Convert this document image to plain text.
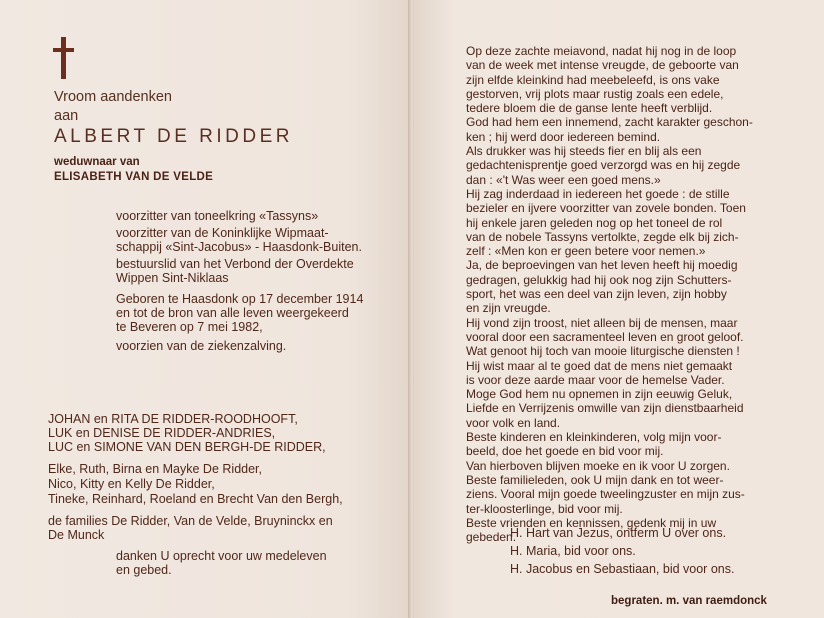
Vroom aandenken
aan
ALBERT DE RIDDER
weduwnaar van
ELISABETH VAN DE VELDE
voorzitter van toneelkring «Tassyns»
voorzitter van de Koninklijke Wipmaat-
schappij «Sint-Jacobus» - Haasdonk-Buiten.
bestuurslid van het Verbond der Overdekte
Wippen Sint-Niklaas
Geboren te Haasdonk op 17 december 1914
en tot de bron van alle leven weergekeerd
te Beveren op 7 mei 1982,
voorzien van de ziekenzalving.
JOHAN en RITA DE RIDDER-ROODHOOFT,
LUK en DENISE DE RIDDER-ANDRIES,
LUC en SIMONE VAN DEN BERGH-DE RIDDER,
Elke, Ruth, Birna en Mayke De Ridder,
Nico, Kitty en Kelly De Ridder,
Tineke, Reinhard, Roeland en Brecht Van den Bergh,
de families De Ridder, Van de Velde, Bruyninckx en
De Munck
danken U oprecht voor uw medeleven
en gebed.
Op deze zachte meiavond, nadat hij nog in de loop
van de week met intense vreugde, de geboorte van
zijn elfde kleinkind had meebeleefd, is ons vake
gestorven, vrij plots maar rustig zoals een edele,
tedere bloem die de ganse lente heeft verblijd.
God had hem een innemend, zacht karakter geschon-
ken ; hij werd door iedereen bemind.
Als drukker was hij steeds fier en blij als een
gedachtenisprentje goed verzorgd was en hij zegde
dan : «'t Was weer een goed mens.»
Hij zag inderdaad in iedereen het goede : de stille
bezieler en ijvere voorzitter van zovele bonden. Toen
hij enkele jaren geleden nog op het toneel de rol
van de nobele Tassyns vertolkte, zegde elk bij zich-
zelf : «Men kon er geen betere voor nemen.»
Ja, de beproevingen van het leven heeft hij moedig
gedragen, gelukkig had hij ook nog zijn Schutters-
sport, het was een deel van zijn leven, zijn hobby
en zijn vreugde.
Hij vond zijn troost, niet alleen bij de mensen, maar
vooral door een sacramenteel leven en groot geloof.
Wat genoot hij toch van mooie liturgische diensten !
Hij wist maar al te goed dat de mens niet gemaakt
is voor deze aarde maar voor de hemelse Vader.
Moge God hem nu opnemen in zijn eeuwig Geluk,
Liefde en Verrijzenis omwille van zijn dienstbaarheid
voor volk en land.
Beste kinderen en kleinkinderen, volg mijn voor-
beeld, doe het goede en bid voor mij.
Van hierboven blijven moeke en ik voor U zorgen.
Beste familieleden, ook U mijn dank en tot weer-
ziens. Vooral mijn goede tweelingzuster en mijn zus-
ter-kloosterlinge, bid voor mij.
Beste vrienden en kennissen, gedenk mij in uw
gebeden.
H. Hart van Jezus, ontferm U over ons.
H. Maria, bid voor ons.
H. Jacobus en Sebastiaan, bid voor ons.
begraten. m. van raemdonck
